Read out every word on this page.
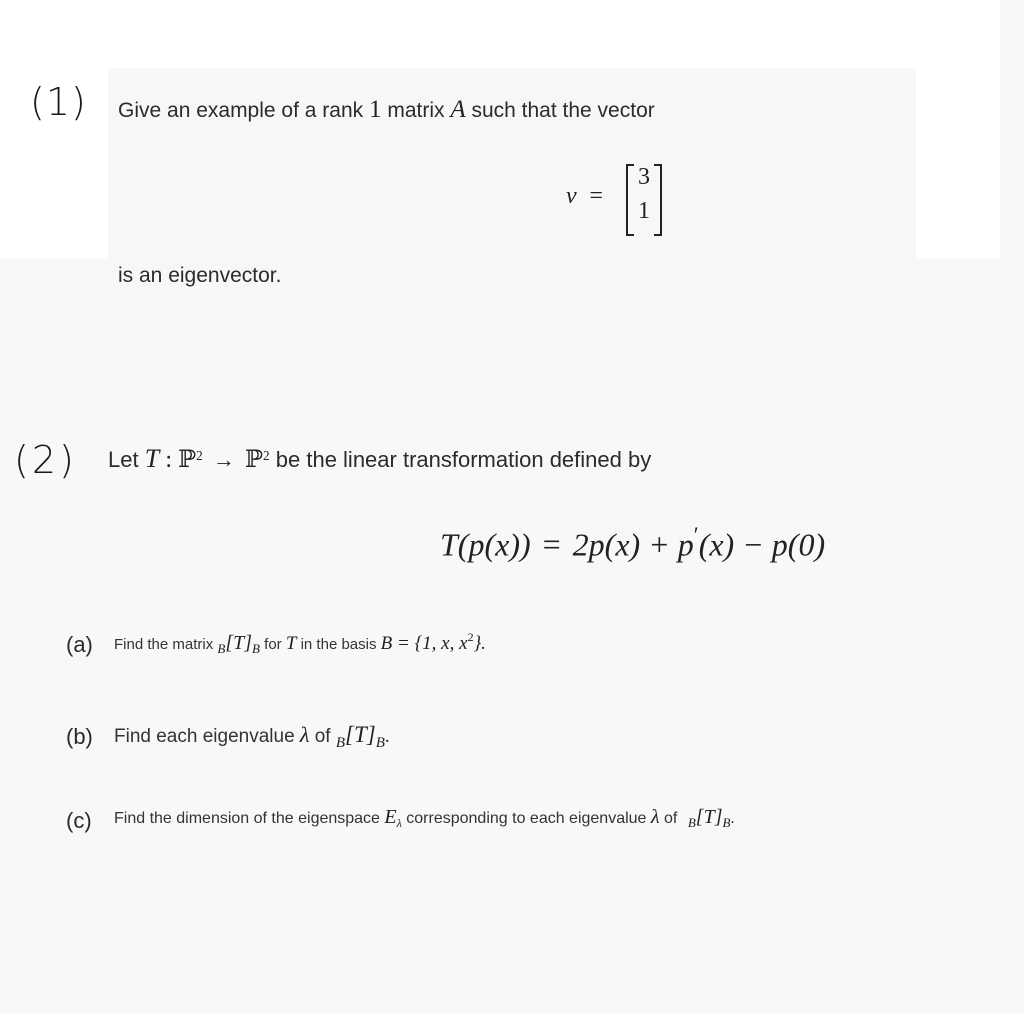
(1) Give an example of a rank 1 matrix A such that the vector
v =
3
1
is an eigenvector.
(2) Let T : ℙ$^2$ → ℙ$^2$ be the linear transformation defined by
T(p(x)) = 2p(x) + p′(x) − p(0)
(a) Find the matrix B[T]B for T in the basis B = {1, x, $x^2$}.
(b) Find each eigenvalue λ of $_B[T]_B$.
(c) Find the dimension of the eigenspace $E_\lambda$ corresponding to each eigenvalue λ of $_B[T]_B$.
